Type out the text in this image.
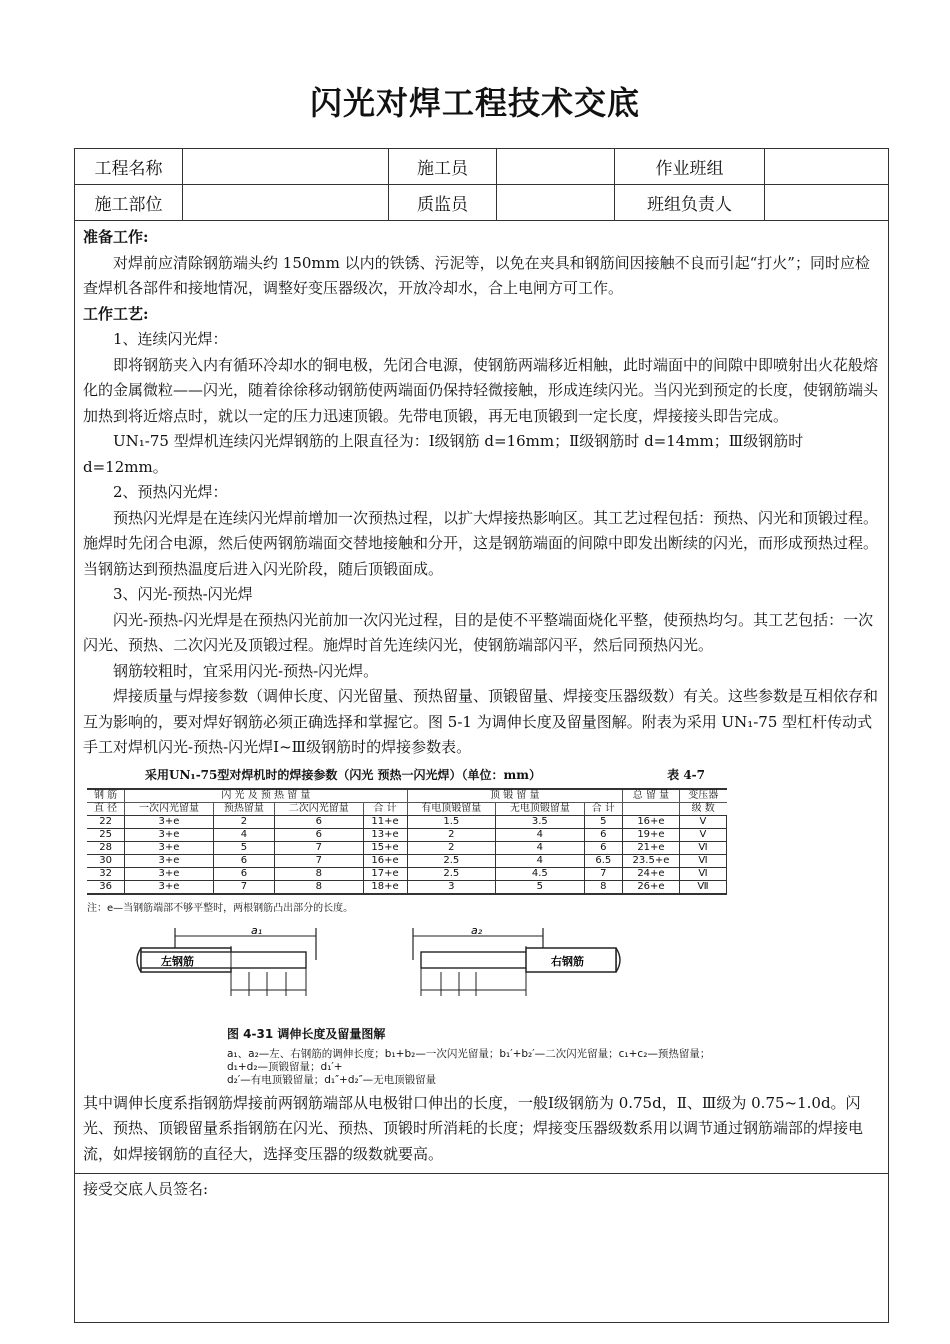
闪光对焊工程技术交底
工程名称		施工员		作业班组	
施工部位		质监员		班组负责人	

准备工作:

对焊前应清除钢筋端头约 150mm 以内的铁锈、污泥等，以免在夹具和钢筋间因接触不良而引起“打火”；同时应检查焊机各部件和接地情况，调整好变压器级次，开放冷却水，合上电闸方可工作。

工作工艺:

1、连续闪光焊：

即将钢筋夹入内有循环冷却水的铜电极，先闭合电源，使钢筋两端移近相触，此时端面中的间隙中即喷射出火花般熔化的金属微粒——闪光，随着徐徐移动钢筋使两端面仍保持轻微接触，形成连续闪光。当闪光到预定的长度，使钢筋端头加热到将近熔点时，就以一定的压力迅速顶锻。先带电顶锻，再无电顶锻到一定长度，焊接接头即告完成。

UN₁-75 型焊机连续闪光焊钢筋的上限直径为：Ⅰ级钢筋 d=16mm；Ⅱ级钢筋时 d=14mm；Ⅲ级钢筋时 d=12mm。

2、预热闪光焊：

预热闪光焊是在连续闪光焊前增加一次预热过程，以扩大焊接热影响区。其工艺过程包括：预热、闪光和顶锻过程。施焊时先闭合电源，然后使两钢筋端面交替地接触和分开，这是钢筋端面的间隙中即发出断续的闪光，而形成预热过程。当钢筋达到预热温度后进入闪光阶段，随后顶锻面成。

3、闪光-预热-闪光焊

闪光-预热-闪光焊是在预热闪光前加一次闪光过程，目的是使不平整端面烧化平整，使预热均匀。其工艺包括：一次闪光、预热、二次闪光及顶锻过程。施焊时首先连续闪光，使钢筋端部闪平，然后同预热闪光。

钢筋较粗时，宜采用闪光-预热-闪光焊。

焊接质量与焊接参数（调伸长度、闪光留量、预热留量、顶锻留量、焊接变压器级数）有关。这些参数是互相依存和互为影响的，要对焊好钢筋必须正确选择和掌握它。图 5-1 为调伸长度及留量图解。附表为采用 UN₁-75 型杠杆传动式手工对焊机闪光-预热-闪光焊Ⅰ~Ⅲ级钢筋时的焊接参数表。

采用UN₁-75型对焊机时的焊接参数（闪光 预热一闪光焊）（单位：mm）	表 4-7
钢 筋	闪 光 及 预 热 留 量	顶 锻 留 量	总 留 量	变压器
直 径	一次闪光留量	预热留量	二次闪光留量	合 计	有电顶锻留量	无电顶锻留量	合 计		级 数
22	3+e	2	6	11+e	1.5	3.5	5	16+e	Ⅴ
25	3+e	4	6	13+e	2	4	6	19+e	Ⅴ
28	3+e	5	7	15+e	2	4	6	21+e	Ⅵ
30	3+e	6	7	16+e	2.5	4	6.5	23.5+e	Ⅵ
32	3+e	6	8	17+e	2.5	4.5	7	24+e	Ⅵ
36	3+e	7	8	18+e	3	5	8	26+e	Ⅶ
注：e—当钢筋端部不够平整时，两根钢筋凸出部分的长度。
a₁
左钢筋
a₂
右钢筋
图 4-31 调伸长度及留量图解
a₁、a₂—左、右钢筋的调伸长度；b₁+b₂—一次闪光留量；b₁′+b₂′—二次闪光留量；c₁+c₂—预热留量；d₁+d₂—顶锻留量；d₁′+
d₂′—有电顶锻留量；d₁″+d₂″—无电顶锻留量

其中调伸长度系指钢筋焊接前两钢筋端部从电极钳口伸出的长度，一般Ⅰ级钢筋为 0.75d，Ⅱ、Ⅲ级为 0.75~1.0d。闪光、预热、顶锻留量系指钢筋在闪光、预热、顶锻时所消耗的长度；焊接变压器级数系用以调节通过钢筋端部的焊接电流，如焊接钢筋的直径大，选择变压器的级数就要高。

接受交底人员签名:
